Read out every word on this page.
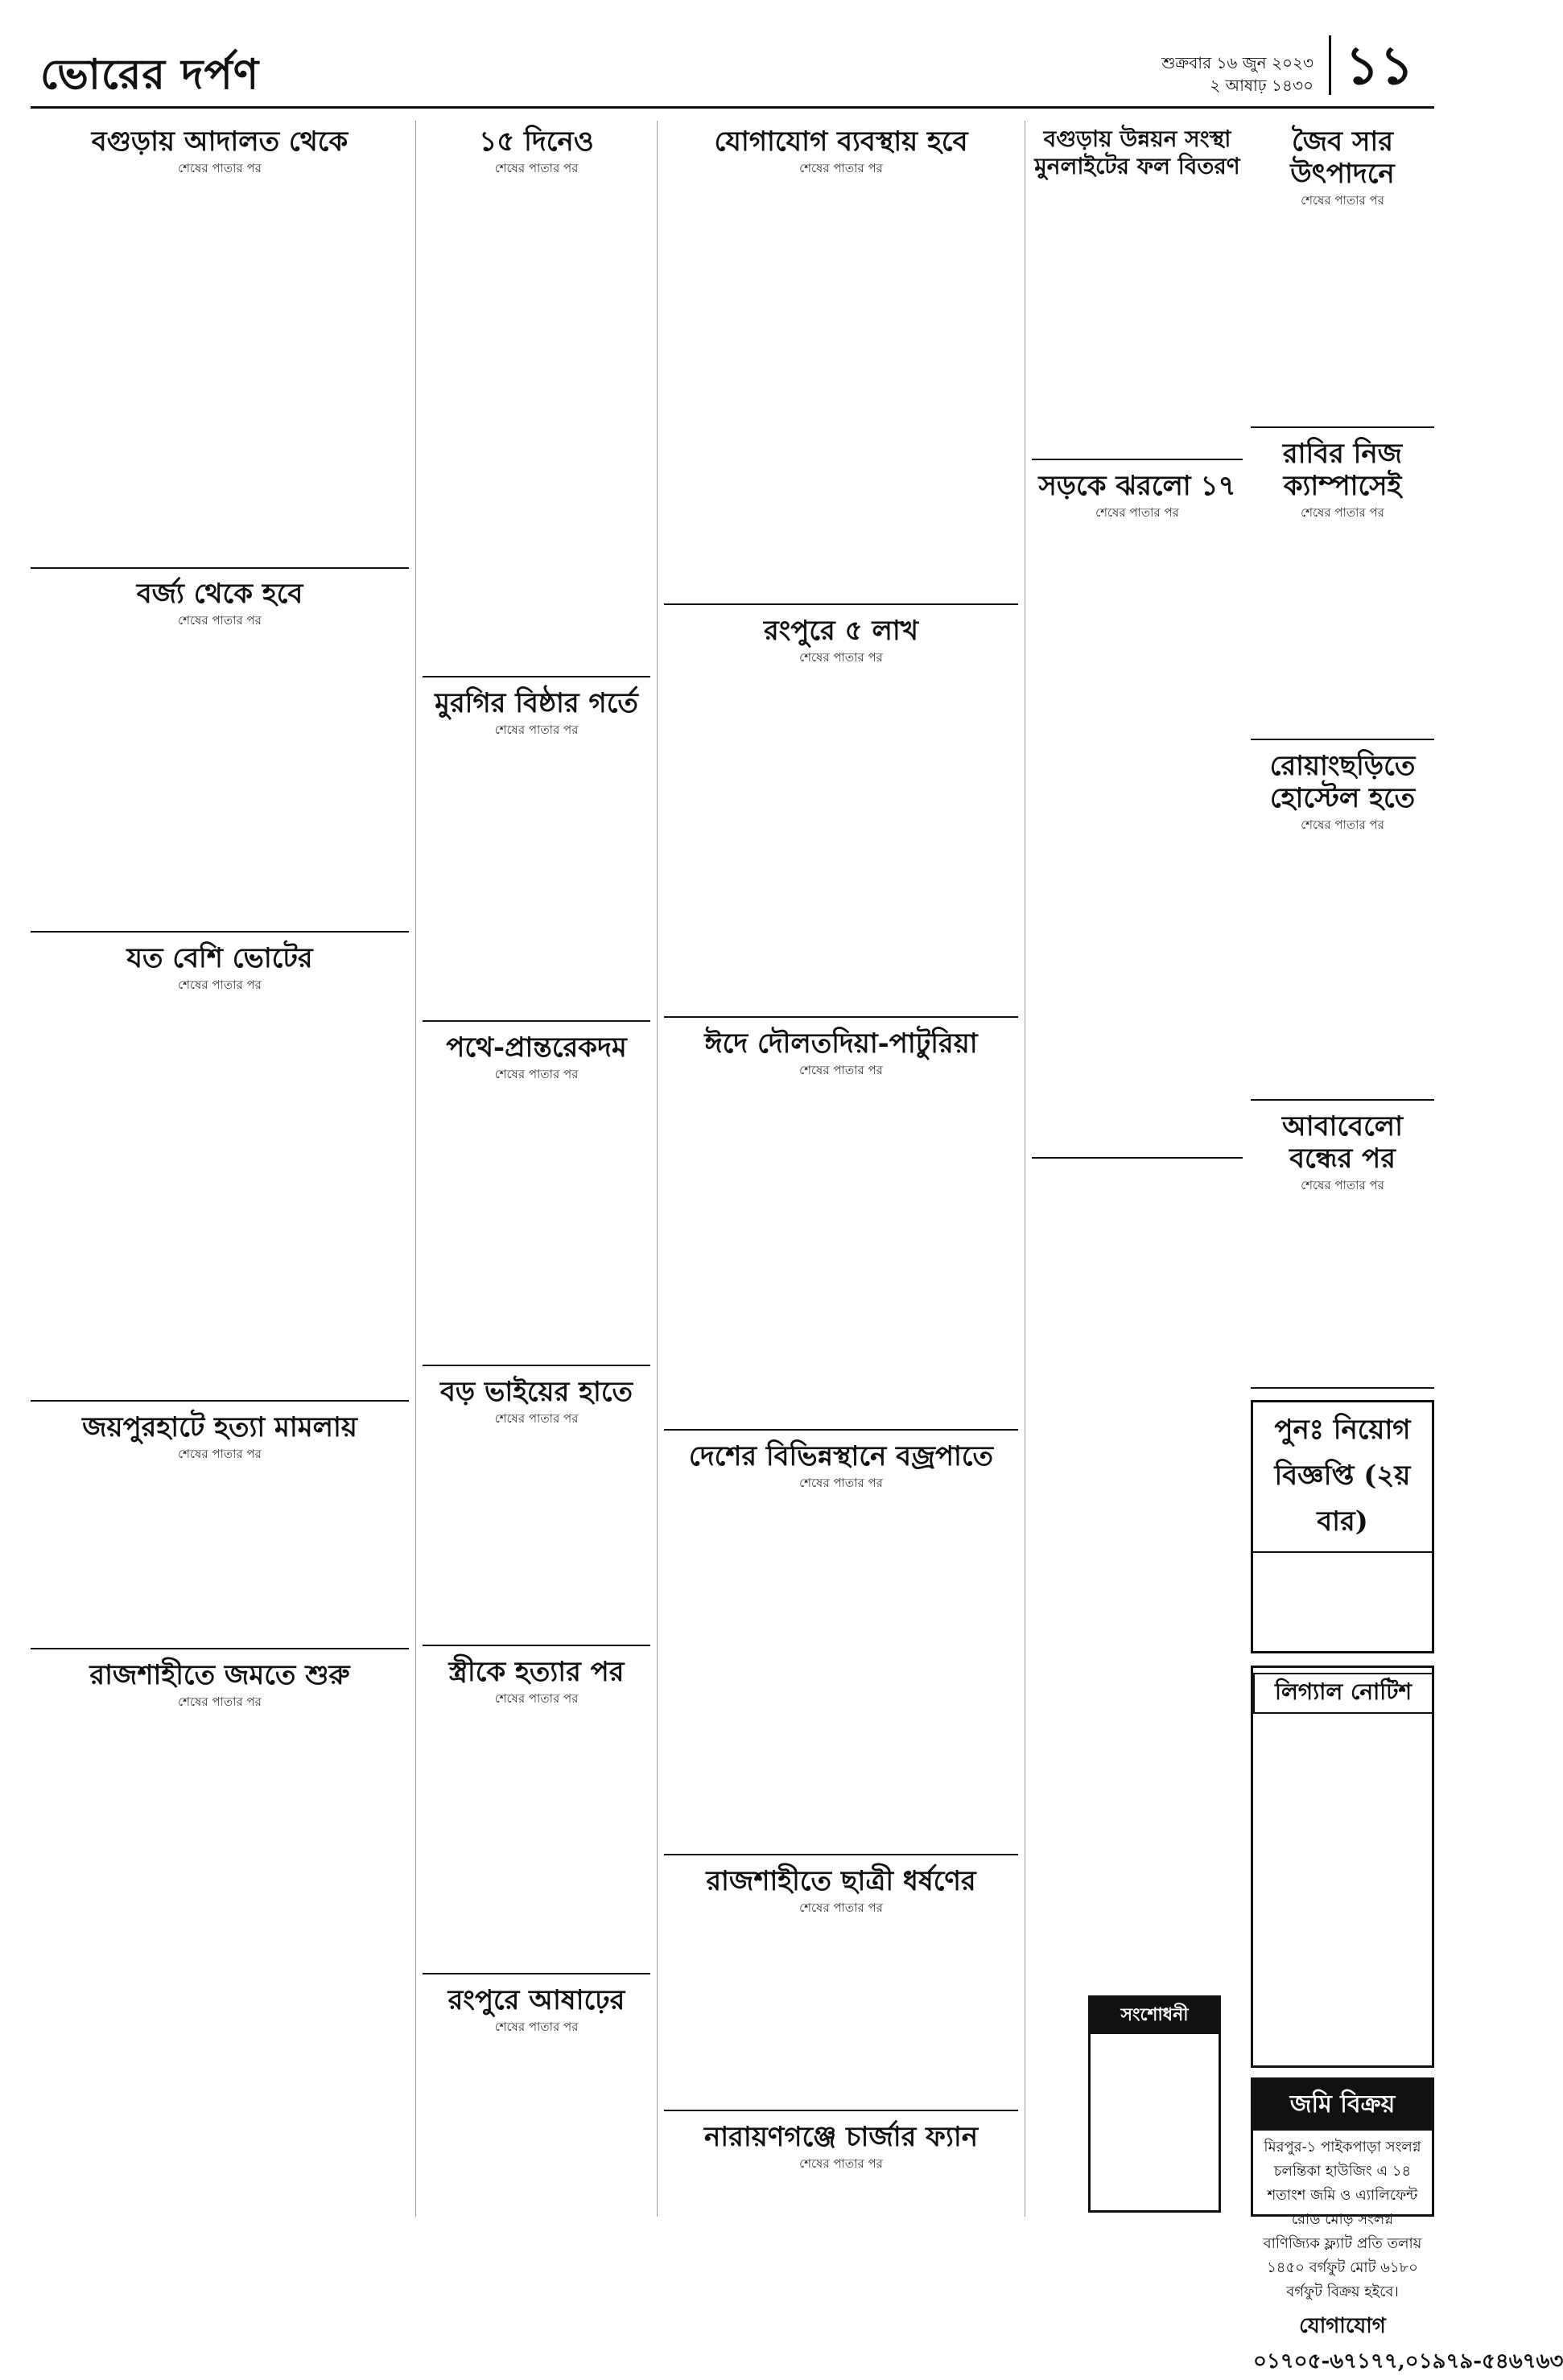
ভোরের দর্পণ	শুক্রবার ১৬ জুন ২০২৩
২ আষাঢ় ১৪৩০ ১১
বগুড়ায় আদালত থেকে
শেষের পাতার পর
বর্জ্য থেকে হবে
শেষের পাতার পর
যত বেশি ভোটের
শেষের পাতার পর
জয়পুরহাটে হত্যা মামলায়
শেষের পাতার পর
রাজশাহীতে জমতে শুরু
শেষের পাতার পর
১৫ দিনেও
শেষের পাতার পর
মুরগির বিষ্ঠার গর্তে
শেষের পাতার পর
পথে-প্রান্তরেকদম
শেষের পাতার পর
বড় ভাইয়ের হাতে
শেষের পাতার পর
স্ত্রীকে হত্যার পর
শেষের পাতার পর
রংপুরে আষাঢ়ের
শেষের পাতার পর
যোগাযোগ ব্যবস্থায় হবে
শেষের পাতার পর
রংপুরে ৫ লাখ
শেষের পাতার পর
ঈদে দৌলতদিয়া-পাটুরিয়া
শেষের পাতার পর
দেশের বিভিন্নস্থানে বজ্রপাতে
শেষের পাতার পর
রাজশাহীতে ছাত্রী ধর্ষণের
শেষের পাতার পর
নারায়ণগঞ্জে চার্জার ফ্যান
শেষের পাতার পর
বগুড়ায় উন্নয়ন সংস্থা মুনলাইটের ফল বিতরণ
জৈব সার উৎপাদনে
শেষের পাতার পর
রাবির নিজ ক্যাম্পাসেই
শেষের পাতার পর
সড়কে ঝরলো ১৭
শেষের পাতার পর
রোয়াংছড়িতে হোস্টেল হতে
শেষের পাতার পর
আবাবেলো বন্ধের পর
শেষের পাতার পর
সংশোধনী
পুনঃ নিয়োগ বিজ্ঞপ্তি (২য় বার)
লিগ্যাল নোটিশ
জমি বিক্রয়
মিরপুর-১ পাইকপাড়া সংলগ্ন চলন্তিকা হাউজিং এ ১৪ শতাংশ জমি ও এ্যালিফেন্ট রোড মোড় সংলগ্ন বাণিজ্যিক ফ্ল্যাট প্রতি তলায় ১৪৫০ বর্গফুট মোট ৬১৮০ বর্গফুট বিক্রয় হইবে।
যোগাযোগ
০১৭০৫-৬৭১৭৭,০১৯৭৯-৫৪৬৭৬৩
